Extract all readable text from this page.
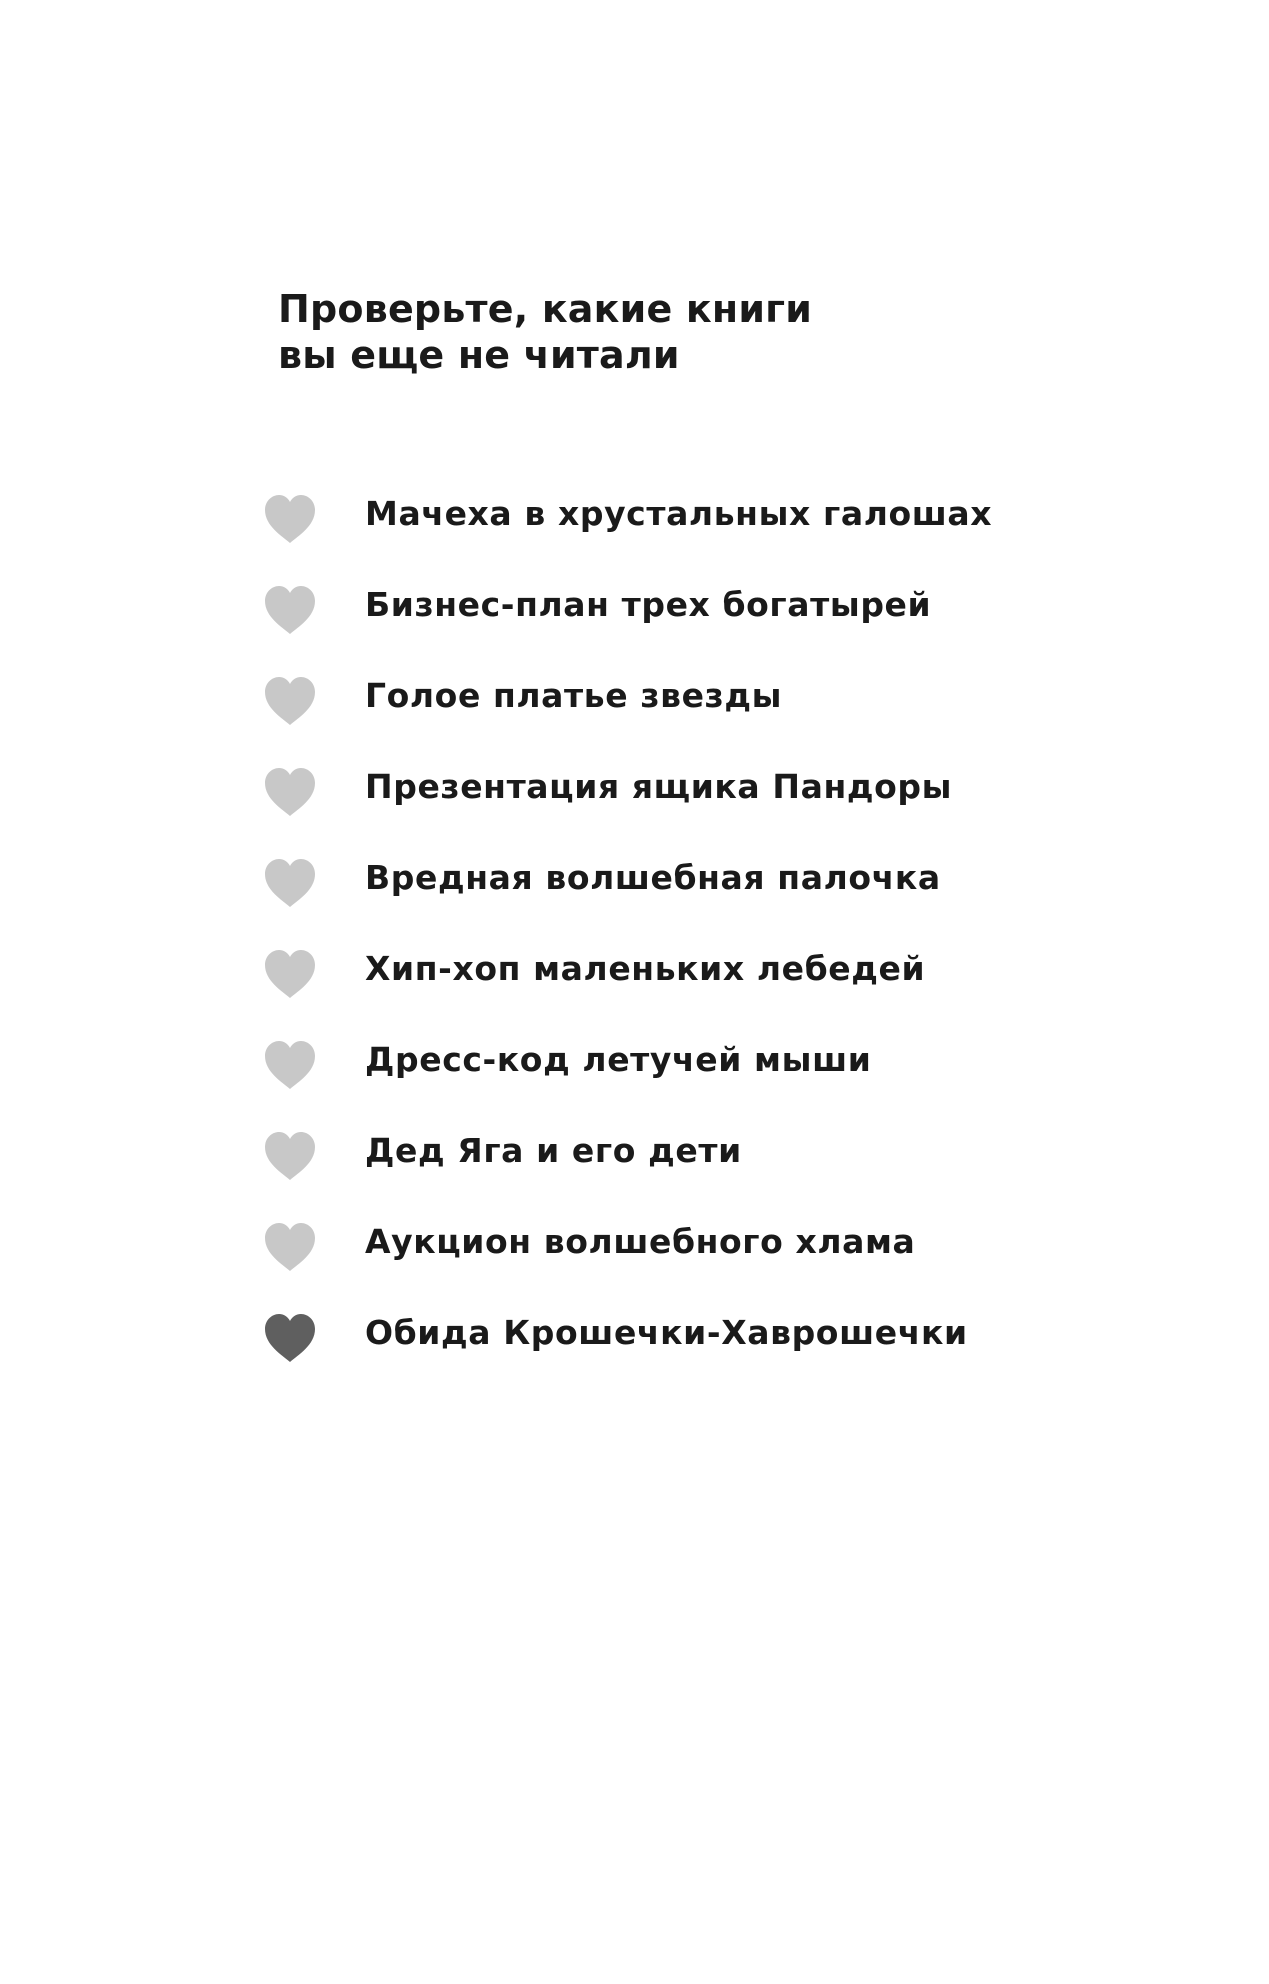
Проверьте, какие книги
вы еще не читали
Мачеха в хрустальных галошах
Бизнес-план трех богатырей
Голое платье звезды
Презентация ящика Пандоры
Вредная волшебная палочка
Хип-хоп маленьких лебедей
Дресс-код летучей мыши
Дед Яга и его дети
Аукцион волшебного хлама
Обида Крошечки-Хаврошечки
